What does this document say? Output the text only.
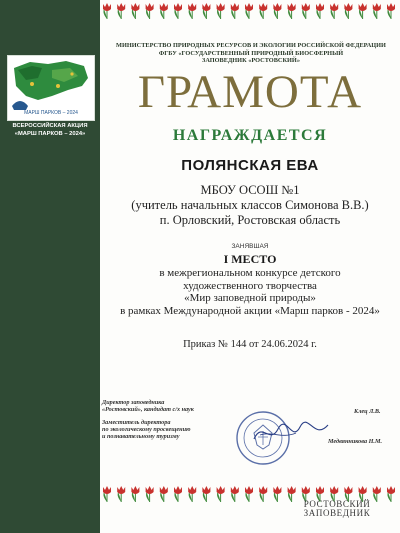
МАРШ ПАРКОВ – 2024
ВСЕРОССИЙСКАЯ АКЦИЯ
«МАРШ ПАРКОВ – 2024»
МИНИСТЕРСТВО ПРИРОДНЫХ РЕСУРСОВ И ЭКОЛОГИИ РОССИЙСКОЙ ФЕДЕРАЦИИ
ФГБУ «ГОСУДАРСТВЕННЫЙ ПРИРОДНЫЙ БИОСФЕРНЫЙ
ЗАПОВЕДНИК «РОСТОВСКИЙ»
ГРАМОТА
НАГРАЖДАЕТСЯ
ПОЛЯНСКАЯ ЕВА
МБОУ ОСОШ №1
(учитель начальных классов Симонова В.В.)
п. Орловский, Ростовская область
ЗАНЯВШАЯ
I МЕСТО
в межрегиональном конкурсе детского
художественного творчества
«Мир заповедной природы»
в рамках Международной акции «Марш парков - 2024»
Приказ № 144 от 24.06.2024 г.
Директор заповедника
«Ростовский», кандидат с/х наук
Заместитель директора
по экологическому просвещению
и познавательному туризму
Клец Л.В.
Медвянникова Н.М.
РОСТОВСКИЙ
ЗАПОВЕДНИК
